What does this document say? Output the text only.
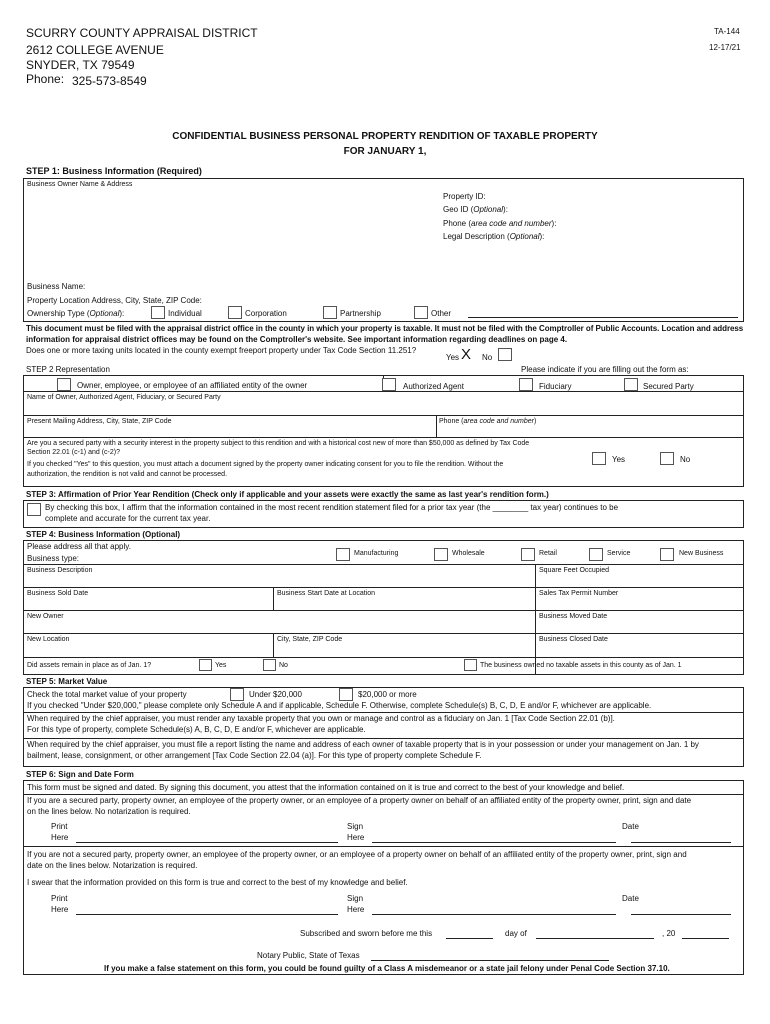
SCURRY COUNTY APPRAISAL DISTRICT
2612 COLLEGE AVENUE
SNYDER, TX 79549
Phone: 325-573-8549
TA-144
12-17/21
CONFIDENTIAL BUSINESS PERSONAL PROPERTY RENDITION OF TAXABLE PROPERTY
FOR JANUARY 1,
STEP 1: Business Information (Required)
Business Owner Name & Address
Property ID:
Geo ID (Optional):
Phone (area code and number):
Legal Description (Optional):
Business Name:
Property Location Address, City, State, ZIP Code:
Ownership Type (Optional):	Individual	Corporation	Partnership	Other
This document must be filed with the appraisal district office in the county in which your property is taxable. It must not be filed with the Comptroller of Public Accounts. Location and address
information for appraisal district offices may be found on the Comptroller's website. See important information regarding deadlines on page 4.
Does one or more taxing units located in the county exempt freeport property under Tax Code Section 11.251?
Yes X No
STEP 2 Representation	Please indicate if you are filling out the form as:
Owner, employee, or employee of an affiliated entity of the owner	Authorized Agent	Fiduciary	Secured Party
Name of Owner, Authorized Agent, Fiduciary, or Secured Party
Present Mailing Address, City, State, ZIP Code	Phone (area code and number)
Are you a secured party with a security interest in the property subject to this rendition and with a historical cost new of more than $50,000 as defined by Tax Code
Section 22.01 (c-1) and (c-2)?
If you checked "Yes" to this question, you must attach a document signed by the property owner indicating consent for you to file the rendition. Without the
authorization, the rendition is not valid and cannot be processed.
Yes	No
STEP 3: Affirmation of Prior Year Rendition (Check only if applicable and your assets were exactly the same as last year's rendition form.)
By checking this box, I affirm that the information contained in the most recent rendition statement filed for a prior tax year (the ________ tax year) continues to be
complete and accurate for the current tax year.
STEP 4: Business Information (Optional)
Please address all that apply.
Business type:
Manufacturing	Wholesale	Retail	Service	New Business
Business Description	Square Feet Occupied
Business Sold Date	Business Start Date at Location	Sales Tax Permit Number
New Owner	Business Moved Date
New Location	City, State, ZIP Code	Business Closed Date
Did assets remain in place as of Jan. 1?	Yes	No	The business owned no taxable assets in this county as of Jan. 1
STEP 5: Market Value
Check the total market value of your property	Under $20,000	$20,000 or more
If you checked "Under $20,000," please complete only Schedule A and if applicable, Schedule F. Otherwise, complete Schedule(s) B, C, D, E and/or F, whichever are applicable.
When required by the chief appraiser, you must render any taxable property that you own or manage and control as a fiduciary on Jan. 1 [Tax Code Section 22.01 (b)].
For this type of property, complete Schedule(s) A, B, C, D, E and/or F, whichever are applicable.
When required by the chief appraiser, you must file a report listing the name and address of each owner of taxable property that is in your possession or under your management on Jan. 1 by
bailment, lease, consignment, or other arrangement [Tax Code Section 22.04 (a)]. For this type of property complete Schedule F.
STEP 6: Sign and Date Form
This form must be signed and dated. By signing this document, you attest that the information contained on it is true and correct to the best of your knowledge and belief.
If you are a secured party, property owner, an employee of the property owner, or an employee of a property owner on behalf of an affiliated entity of the property owner, print, sign and date
on the lines below. No notarization is required.
Print
Here
Sign
Here
Date
If you are not a secured party, property owner, an employee of the property owner, or an employee of a property owner on behalf of an affiliated entity of the property owner, print, sign and
date on the lines below. Notarization is required.
I swear that the information provided on this form is true and correct to the best of my knowledge and belief.
Print
Here
Sign
Here
Date
Subscribed and sworn before me this	day of	, 20
Notary Public, State of Texas
If you make a false statement on this form, you could be found guilty of a Class A misdemeanor or a state jail felony under Penal Code Section 37.10.
